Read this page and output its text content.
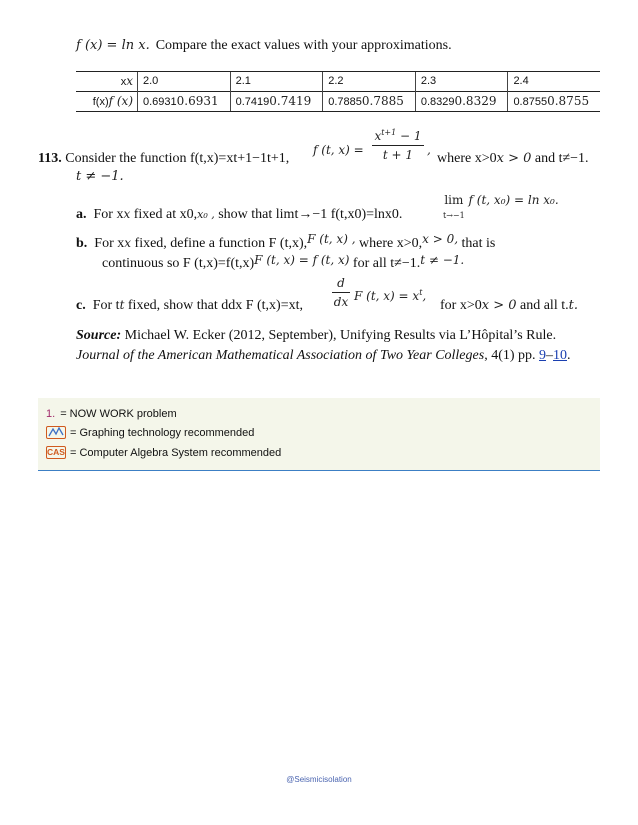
f (x) = ln x. Compare the exact values with your approximations.
xx	2.0	2.1	2.2	2.3	2.4
f(x)f (x)	0.69310.6931	0.74190.7419	0.78850.7885	0.83290.8329	0.87550.8755
113. Consider the function f(t,x)=xt+1−1t+1,
f (t, x) =
$x^{t+1} - 1$
t + 1	,
where x>0x > 0 and t≠−1.
t ≠ −1.
a. For xx fixed at x0,x₀ , show that limt→−1 f(t,x0)=lnx0.
lim
t→−1 f (t, x₀) = ln x₀.
b. For xx fixed, define a function F (t,x),F (t, x) , where x>0,x > 0, that is
continuous so F (t,x)=f(t,x)F (t, x) = f (t, x) for all t≠−1.t ≠ −1.
c. For tt fixed, show that ddx F (t,x)=xt,
d
dx F (t, $x) = x^t$,
for x>0x > 0 and all t.t.
Source: Michael W. Ecker (2012, September), Unifying Results via L’Hôpital’s Rule. Journal of the American Mathematical Association of Two Year Colleges, 4(1) pp. 9–10.
1. = NOW WORK problem
= Graphing technology recommended
CAS = Computer Algebra System recommended
@Seismicisolation
